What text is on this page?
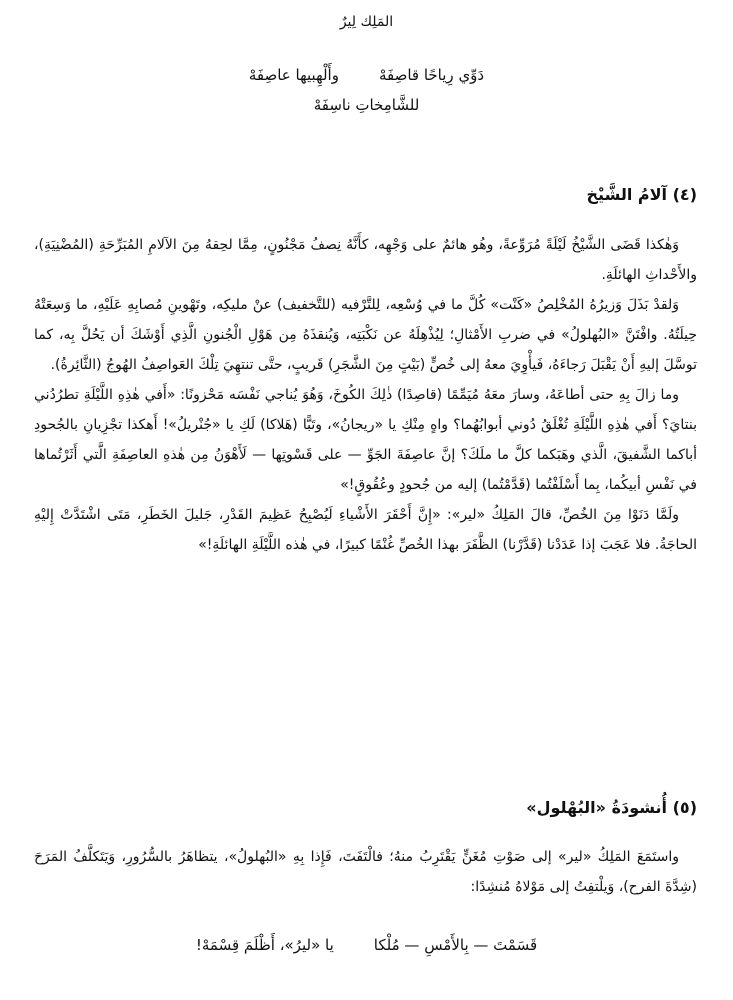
المَلِك لِيرٌ
دَوِّي رِياحًا قاصِفَهْوأَلْهِبيها عاصِفَهْ
للشَّامِخاتِ ناسِفَهْ
(٤) آلامُ الشَّيْخ

وَهٰكذا قَضَى الشَّيْخُ لَيْلَةً مُرَوِّعةً، وهُو هائمٌ على وَجْهِه، كأَنَّهُ نِصفُ مَجْنُونٍ، مِمَّا لحِقهُ مِنَ الآلامِ المُبَرِّحَةِ (المُضْنِيَةِ)، والأَحْداثِ الهائلَةِ.

وَلقدْ بَذَلَ وَزيرُهُ المُخْلِصُ «كَنْت» كُلَّ ما في وُسْعِه، لِلتَّرْفيه (للتَّخفيف) عنْ مليكِه، وتَهْوينِ مُصابِهِ عَلَيْهِ، ما وَسِعَتْهُ حِيلَتُهُ. وافْتَنَّ «البُهلولُ» في ضربِ الأَمْثالِ؛ لِيُذْهِلَهُ عن نَكْبَتِه، وَيُنقذَهُ مِن هَوْلِ الْجُنونِ الَّذِي أَوْشَكَ أن يَحُلَّ بِه، كما توسَّلَ إليهِ أَنْ يَقْبَلَ رَجاءَهُ، فَيأْوِيَ معهُ إلى خُصٍّ (بَيْتٍ مِنَ الشَّجَرِ) قَريبٍ، حتَّى تنتهِيَ تِلْكَ العَواصِفُ الهُوجُ (الثَّائِرةُ).

وما زالَ بِهِ حتى أطاعَهُ، وسارَ معَهُ مُيَمِّمًا (قاصِدًا) ذٰلِكَ الكُوخَ، وَهُوَ يُناجي نَفْسَه مَحْزونًا: «أَفي هٰذِهِ اللَّيْلَةِ تطرُدُني بنتايَ؟ أَفي هٰذِهِ اللَّيْلَةِ تُغْلَقُ دُوني أبوابُهُما؟ واهٍ مِنْكِ يا «ريجانُ»، وتَبًّا (هَلاكا) لَكِ يا «جُنْريلُ»! أَهكذا تجْزِيانِ بالجُحودِ أباكما الشَّفيقَ، الَّذي وهَبَكما كلَّ ما ملَكَ؟ إنَّ عاصِفَةَ الجَوِّ — على قَسْوتِها — لَأَهْوَنُ مِن هٰذهِ العاصِفَةِ الَّتي أَثَرْتُماها في نَفْسِ أبيكُما، بِما أَسْلَفْتُما (قَدَّمْتُما) إليه من جُحودٍ وعُقُوقٍ!»

ولَمَّا دَنَوْا مِنَ الخُصِّ، قالَ المَلِكُ «لير»: «إِنَّ أَحْقَرَ الأَشْياءِ لَيُصْبِحُ عَظِيمَ القَدْرِ، جَليلَ الخَطَرِ، مَتَى اشْتَدَّتْ إِليْهِ الحاجَةُ. فلا عَجَبَ إذا عَدَدْنا (قَدَّرْنا) الظَّفَرَ بهذا الخُصِّ غُنْمًا كبيرًا، في هٰذه اللَّيْلَةِ الهائلَةِ!»

(٥) أُنشودَةُ «البُهْلول»

واستَمَعَ المَلِكُ «لير» إلى صَوْتِ مُغَنٍّ يَقْتَرِبُ منهُ؛ فالْتَفَتَ، فَإِذا بِهِ «البُهلولُ»، يتظاهَرُ بالسُّرُورِ، وَيَتَكلَّفُ المَرَحَ (شِدَّةَ الفرح)، وَيلْتفِتُ إلى مَوْلاهُ مُنشِدًا:

قَسَمْتَ — بِالأَمْسِ — مُلْكايا «ليرُ»، أَظْلَمَ قِسْمَهْ!
